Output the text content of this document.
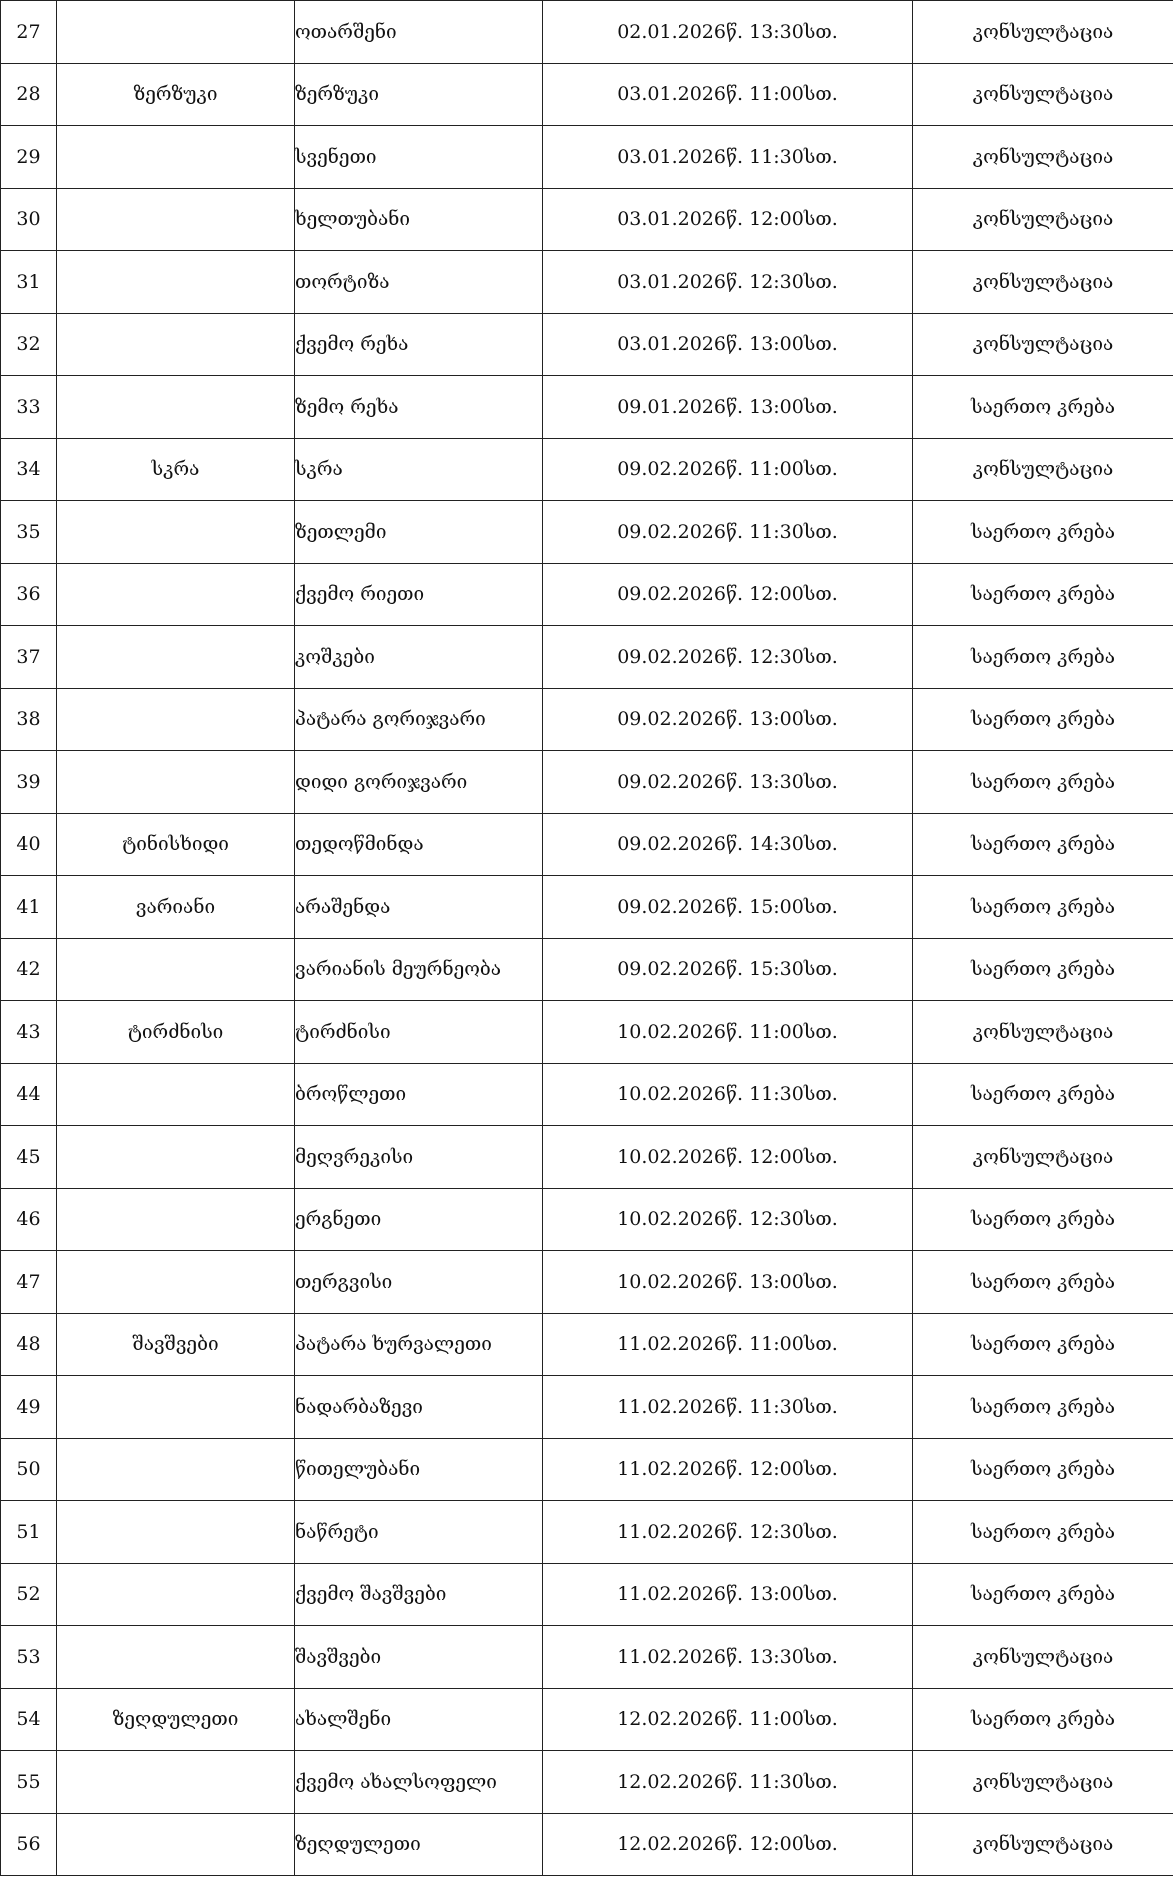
27		ოთარშენი	02.01.2026წ. 13:30სთ.	კონსულტაცია
28	ზერზუკი	ზერზუკი	03.01.2026წ. 11:00სთ.	კონსულტაცია
29		სვენეთი	03.01.2026წ. 11:30სთ.	კონსულტაცია
30		ხელთუბანი	03.01.2026წ. 12:00სთ.	კონსულტაცია
31		თორტიზა	03.01.2026წ. 12:30სთ.	კონსულტაცია
32		ქვემო რეხა	03.01.2026წ. 13:00სთ.	კონსულტაცია
33		ზემო რეხა	09.01.2026წ. 13:00სთ.	საერთო კრება
34	სკრა	სკრა	09.02.2026წ. 11:00სთ.	კონსულტაცია
35		ზეთლემი	09.02.2026წ. 11:30სთ.	საერთო კრება
36		ქვემო რიეთი	09.02.2026წ. 12:00სთ.	საერთო კრება
37		კოშკები	09.02.2026წ. 12:30სთ.	საერთო კრება
38		პატარა გორიჯვარი	09.02.2026წ. 13:00სთ.	საერთო კრება
39		დიდი გორიჯვარი	09.02.2026წ. 13:30სთ.	საერთო კრება
40	ტინისხიდი	თედოწმინდა	09.02.2026წ. 14:30სთ.	საერთო კრება
41	ვარიანი	არაშენდა	09.02.2026წ. 15:00სთ.	საერთო კრება
42		ვარიანის მეურნეობა	09.02.2026წ. 15:30სთ.	საერთო კრება
43	ტირძნისი	ტირძნისი	10.02.2026წ. 11:00სთ.	კონსულტაცია
44		ბროწლეთი	10.02.2026წ. 11:30სთ.	საერთო კრება
45		მეღვრეკისი	10.02.2026წ. 12:00სთ.	კონსულტაცია
46		ერგნეთი	10.02.2026წ. 12:30სთ.	საერთო კრება
47		თერგვისი	10.02.2026წ. 13:00სთ.	საერთო კრება
48	შავშვები	პატარა ხურვალეთი	11.02.2026წ. 11:00სთ.	საერთო კრება
49		ნადარბაზევი	11.02.2026წ. 11:30სთ.	საერთო კრება
50		წითელუბანი	11.02.2026წ. 12:00სთ.	საერთო კრება
51		ნაწრეტი	11.02.2026წ. 12:30სთ.	საერთო კრება
52		ქვემო შავშვები	11.02.2026წ. 13:00სთ.	საერთო კრება
53		შავშვები	11.02.2026წ. 13:30სთ.	კონსულტაცია
54	ზეღდულეთი	ახალშენი	12.02.2026წ. 11:00სთ.	საერთო კრება
55		ქვემო ახალსოფელი	12.02.2026წ. 11:30სთ.	კონსულტაცია
56		ზეღდულეთი	12.02.2026წ. 12:00სთ.	კონსულტაცია
